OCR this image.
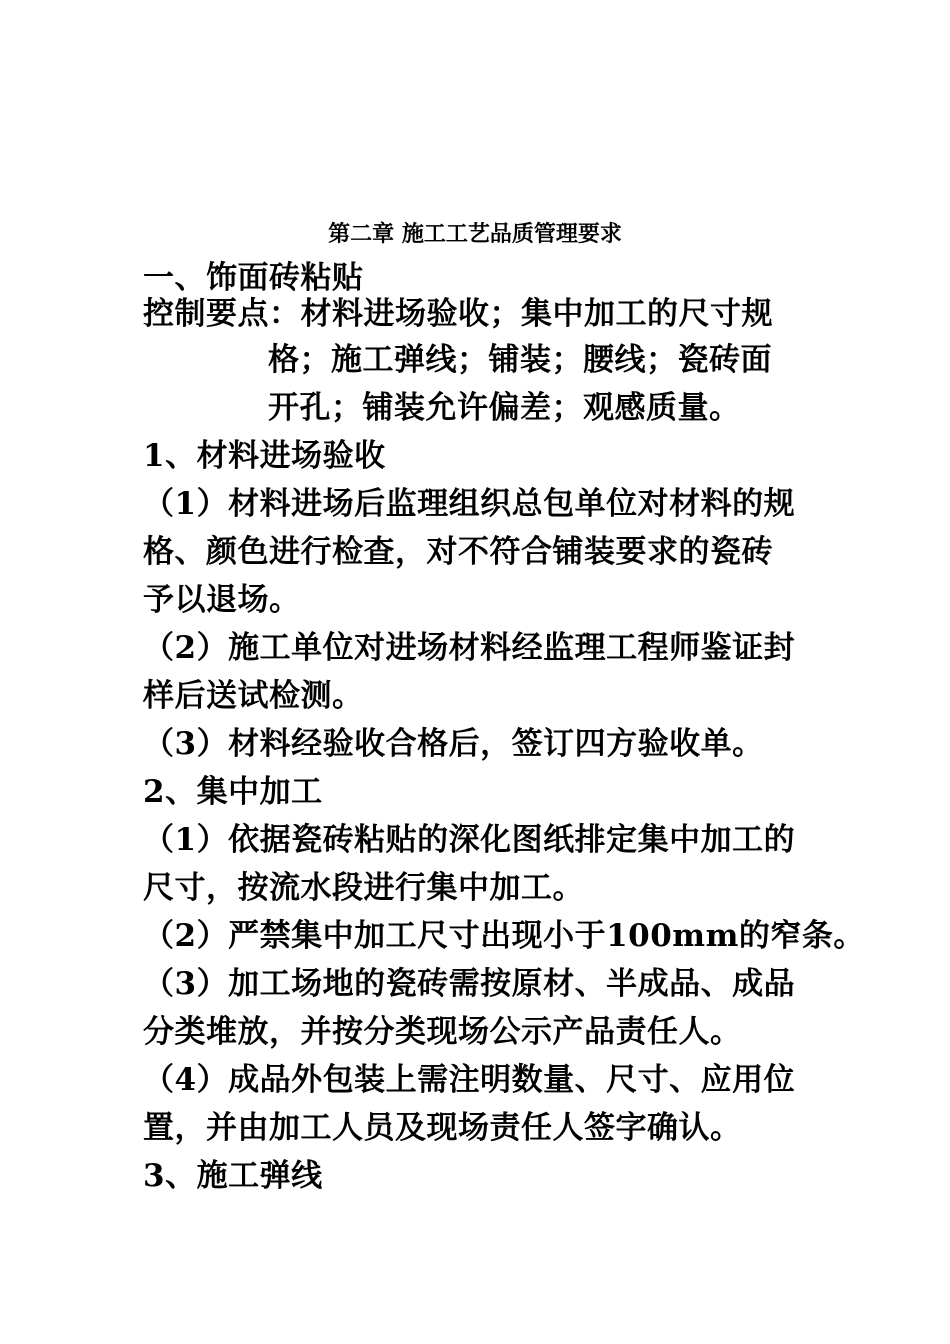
第二章 施工工艺品质管理要求
一、饰面砖粘贴
控制要点：材料进场验收；集中加工的尺寸规
格；施工弹线；铺装；腰线；瓷砖面
开孔；铺装允许偏差；观感质量。
1、材料进场验收
（1）材料进场后监理组织总包单位对材料的规
格、颜色进行检查，对不符合铺装要求的瓷砖
予以退场。
（2）施工单位对进场材料经监理工程师鉴证封
样后送试检测。
（3）材料经验收合格后，签订四方验收单。
2、集中加工
（1）依据瓷砖粘贴的深化图纸排定集中加工的
尺寸，按流水段进行集中加工。
（2）严禁集中加工尺寸出现小于100mm的窄条。
（3）加工场地的瓷砖需按原材、半成品、成品
分类堆放，并按分类现场公示产品责任人。
（4）成品外包装上需注明数量、尺寸、应用位
置，并由加工人员及现场责任人签字确认。
3、施工弹线
